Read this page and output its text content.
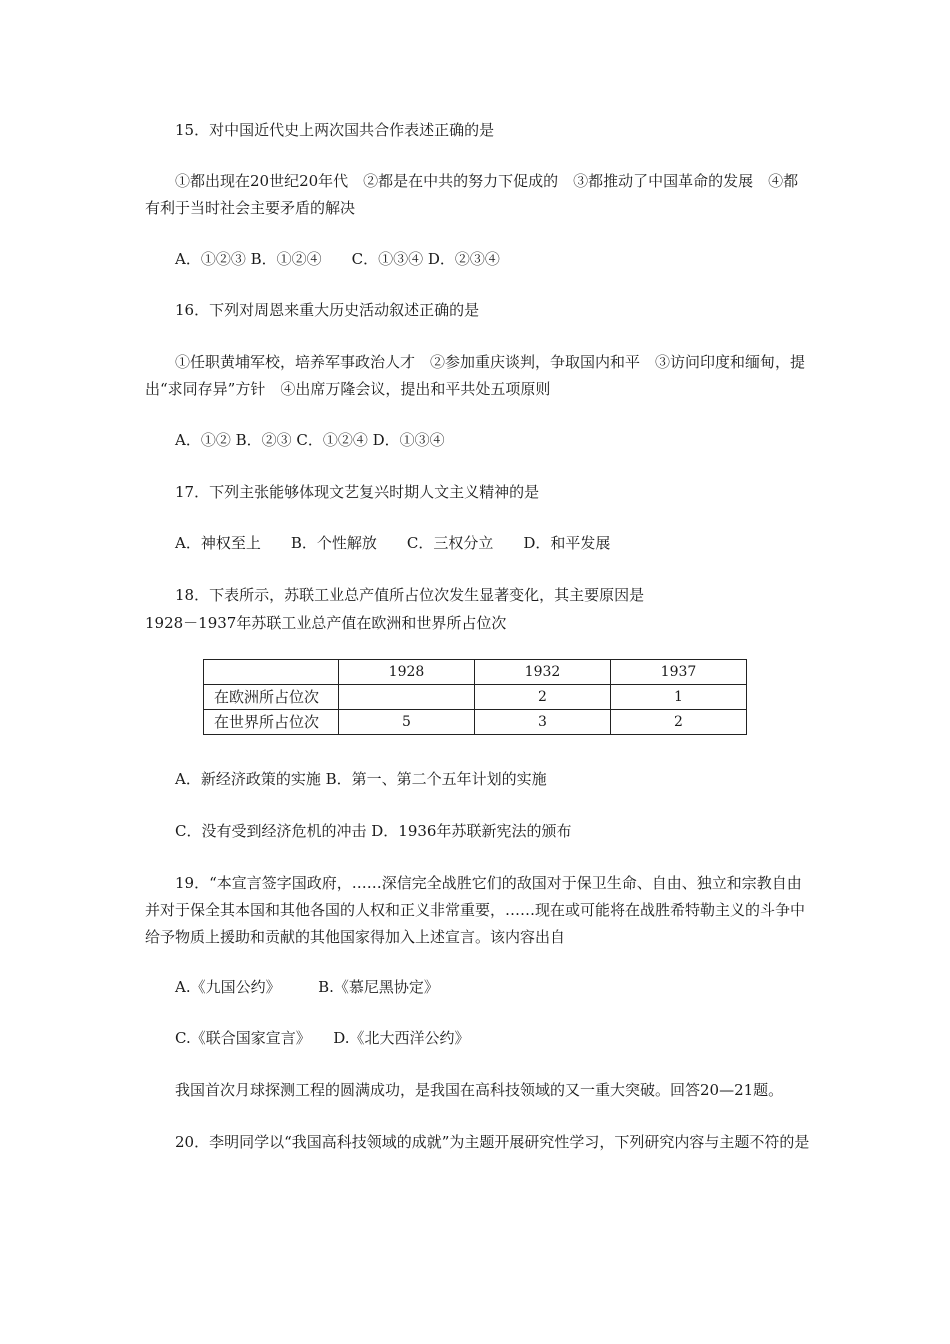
15．对中国近代史上两次国共合作表述正确的是

①都出现在20世纪20年代　②都是在中共的努力下促成的　③都推动了中国革命的发展　④都有利于当时社会主要矛盾的解决

A．①②③ B．①②④　　C．①③④ D．②③④

16．下列对周恩来重大历史活动叙述正确的是

①任职黄埔军校，培养军事政治人才　②参加重庆谈判，争取国内和平　③访问印度和缅甸，提出“求同存异”方针　④出席万隆会议，提出和平共处五项原则

A．①② B．②③ C．①②④ D．①③④

17．下列主张能够体现文艺复兴时期人文主义精神的是

A．神权至上　　B．个性解放　　C．三权分立　　D．和平发展

18．下表所示，苏联工业总产值所占位次发生显著变化，其主要原因是

1928－1937年苏联工业总产值在欧洲和世界所占位次
	1928	1932	1937
在欧洲所占位次		2	1
在世界所占位次	5	3	2

A．新经济政策的实施 B．第一、第二个五年计划的实施

C．没有受到经济危机的冲击 D．1936年苏联新宪法的颁布

19．“本宣言签字国政府，……深信完全战胜它们的敌国对于保卫生命、自由、独立和宗教自由并对于保全其本国和其他各国的人权和正义非常重要，……现在或可能将在战胜希特勒主义的斗争中给予物质上援助和贡献的其他国家得加入上述宣言。该内容出自

A.《九国公约》　　　B.《慕尼黑协定》

C.《联合国家宣言》　　D.《北大西洋公约》

我国首次月球探测工程的圆满成功，是我国在高科技领域的又一重大突破。回答20—21题。

20．李明同学以“我国高科技领域的成就”为主题开展研究性学习，下列研究内容与主题不符的是
